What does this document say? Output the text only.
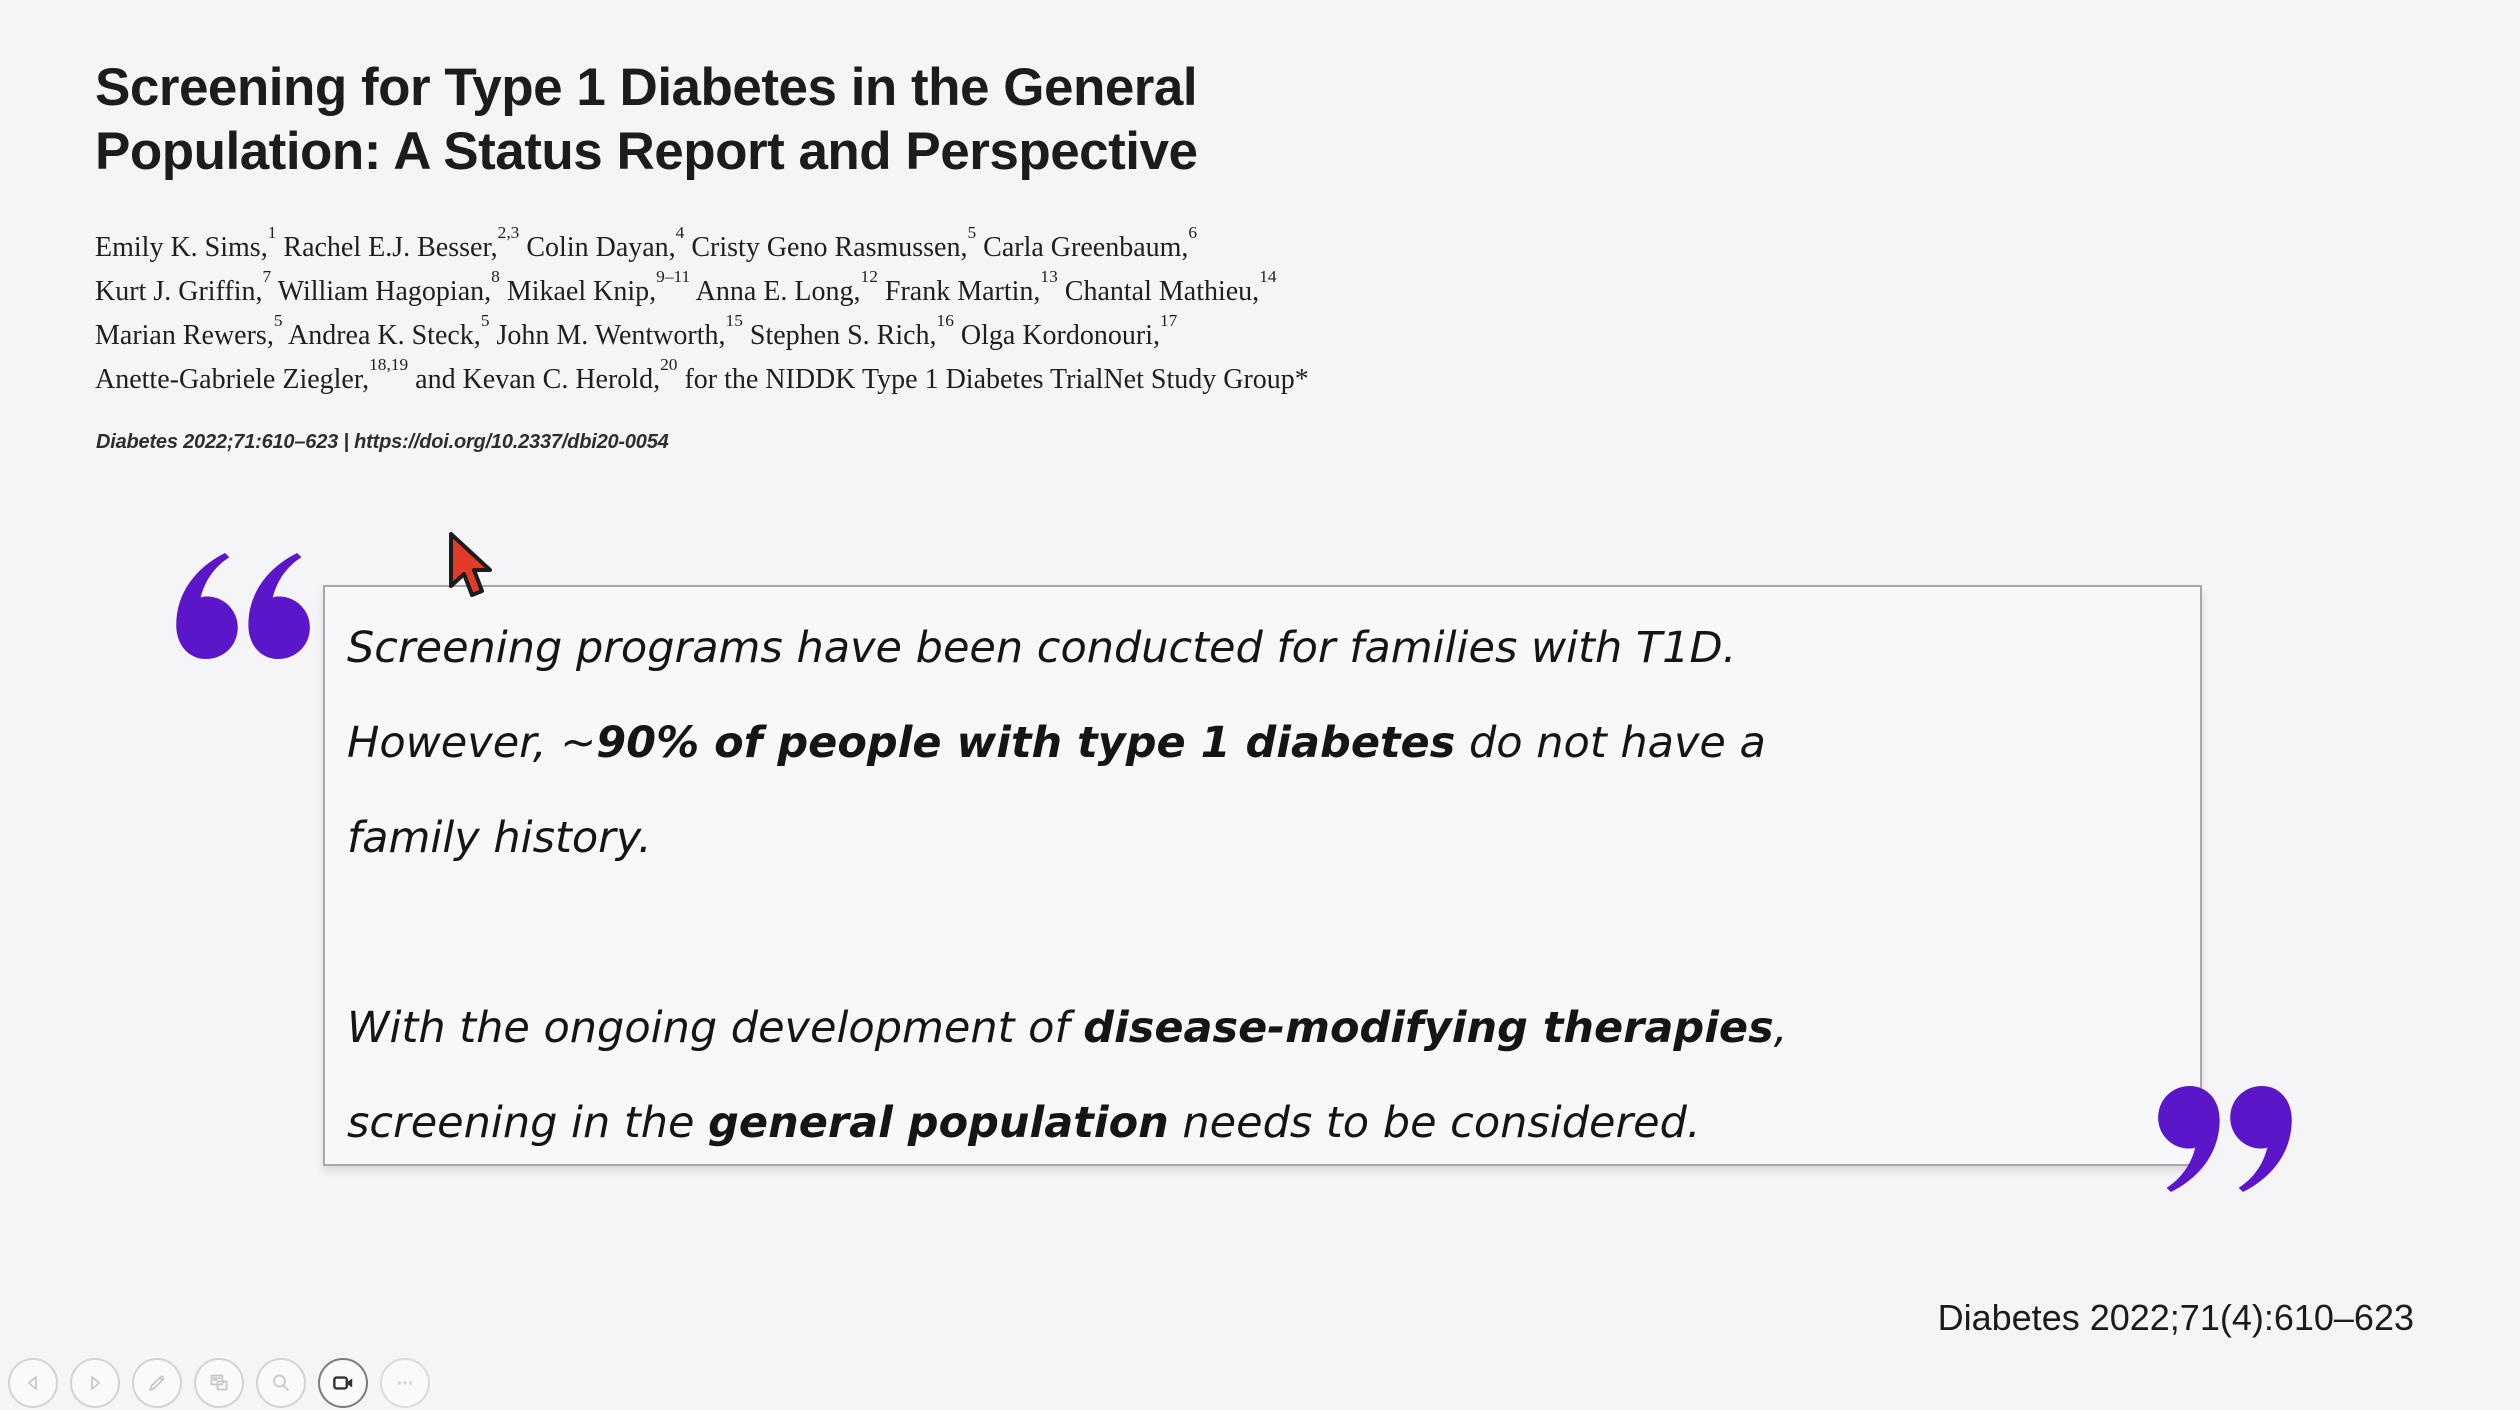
Screening for Type 1 Diabetes in the General
Population: A Status Report and Perspective

Emily K. Sims,$^1$ Rachel E.J. Besser,$^{2,3}$ Colin Dayan,$^4$ Cristy Geno Rasmussen,$^5$ Carla Greenbaum,$^6$

Kurt J. Griffin,$^7$ William Hagopian,$^8$ Mikael Knip,$^{9-11}$ Anna E. Long,$^{12}$ Frank Martin,$^{13}$ Chantal Mathieu,$^{14}$

Marian Rewers,$^5$ Andrea K. Steck,$^5$ John M. Wentworth,$^{15}$ Stephen S. Rich,$^{16}$ Olga Kordonouri,$^{17}$

Anette-Gabriele Ziegler,$^{18,19}$ and Kevan C. Herold,$^{20}$ for the NIDDK Type 1 Diabetes TrialNet Study Group*

Diabetes 2022;71:610–623 | https://doi.org/10.2337/dbi20-0054

Screening programs have been conducted for families with T1D.
However, ~90% of people with type 1 diabetes do not have a
family history.
With the ongoing development of disease-modifying therapies,
screening in the general population needs to be considered.
Diabetes 2022;71(4):610–623
